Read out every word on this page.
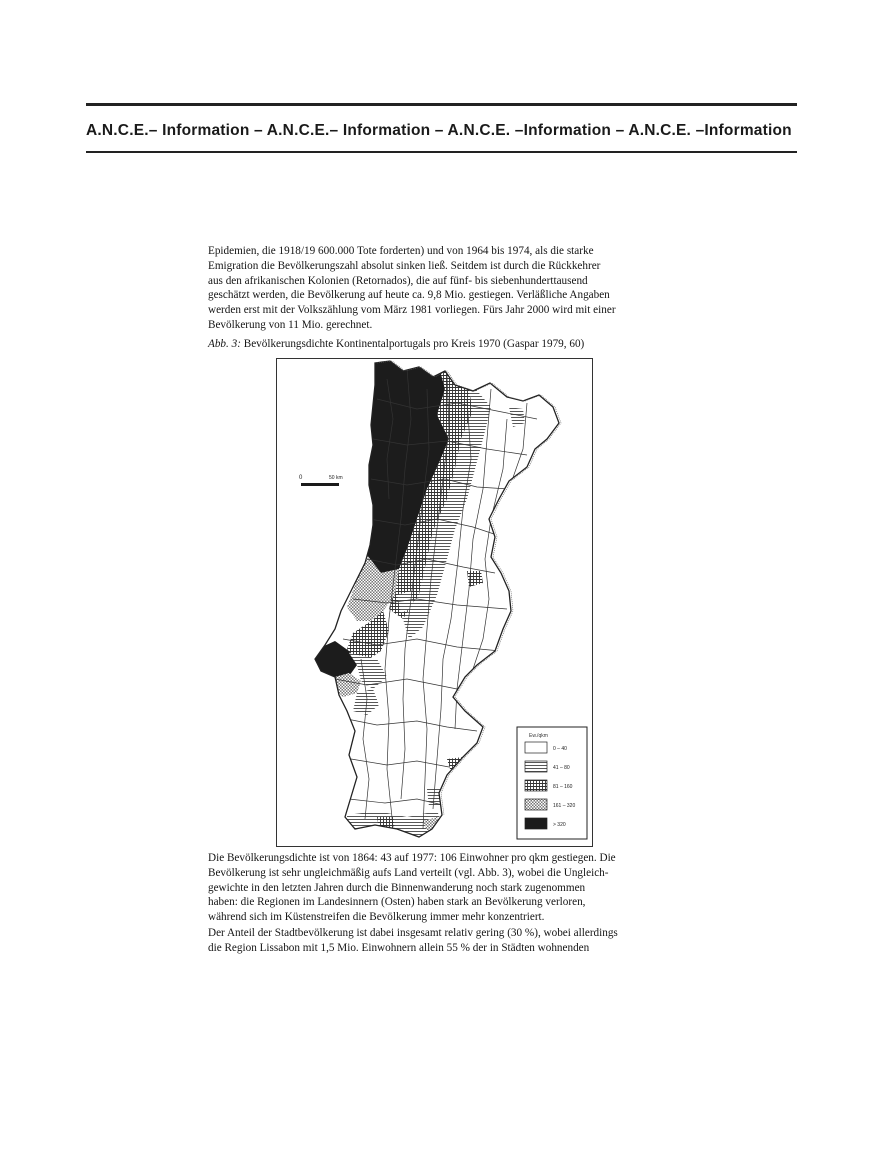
A.N.C.E.– Information – A.N.C.E.– Information – A.N.C.E. –Information – A.N.C.E. –Information

Epidemien, die 1918/19 600.000 Tote forderten) und von 1964 bis 1974, als die starke

Emigration die Bevölkerungszahl absolut sinken ließ. Seitdem ist durch die Rückkehrer

aus den afrikanischen Kolonien (Retornados), die auf fünf- bis siebenhunderttausend

geschätzt werden, die Bevölkerung auf heute ca. 9,8 Mio. gestiegen. Verläßliche Angaben

werden erst mit der Volkszählung vom März 1981 vorliegen. Fürs Jahr 2000 wird mit einer

Bevölkerung von 11 Mio. gerechnet.

Abb. 3: Bevölkerungsdichte Kontinentalportugals pro Kreis 1970 (Gaspar 1979, 60)
0	50 km
Ew./qkm
0 – 40
41 – 80
81 – 160
161 – 320
> 320

Die Bevölkerungsdichte ist von 1864: 43 auf 1977: 106 Einwohner pro qkm gestiegen. Die

Bevölkerung ist sehr ungleichmäßig aufs Land verteilt (vgl. Abb. 3), wobei die Ungleich-

gewichte in den letzten Jahren durch die Binnenwanderung noch stark zugenommen

haben: die Regionen im Landesinnern (Osten) haben stark an Bevölkerung verloren,

während sich im Küstenstreifen die Bevölkerung immer mehr konzentriert.

Der Anteil der Stadtbevölkerung ist dabei insgesamt relativ gering (30 %), wobei allerdings

die Region Lissabon mit 1,5 Mio. Einwohnern allein 55 % der in Städten wohnenden
